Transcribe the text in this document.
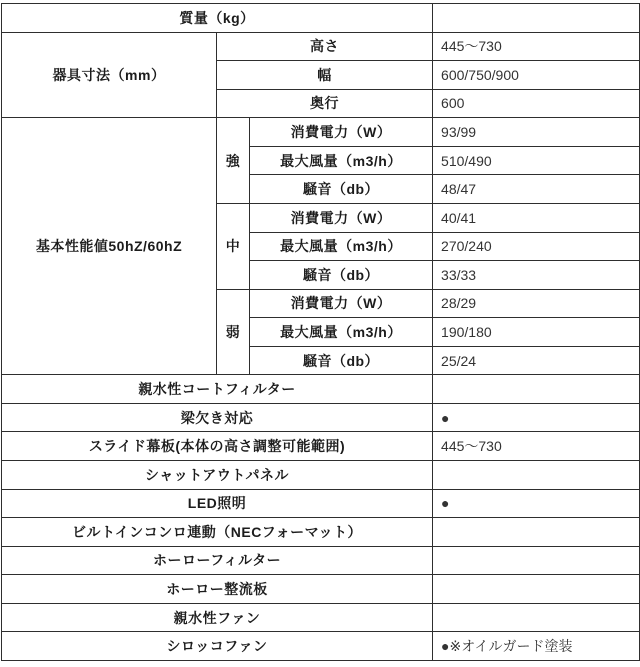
質量（kg）			
器具寸法（mm）	高さ		445〜730
	幅		600/750/900
	奥行		600
基本性能値50hZ/60hZ	強	消費電力（W）	93/99
		最大風量（m3/h）	510/490
		騒音（db）	48/47
	中	消費電力（W）	40/41
		最大風量（m3/h）	270/240
		騒音（db）	33/33
	弱	消費電力（W）	28/29
		最大風量（m3/h）	190/180
		騒音（db）	25/24
親水性コートフィルター			
梁欠き対応			●
スライド幕板(本体の高さ調整可能範囲)			445〜730
シャットアウトパネル			
LED照明			●
ビルトインコンロ連動（NECフォーマット）			
ホーローフィルター			
ホーロー整流板			
親水性ファン			
シロッコファン			●※オイルガード塗装
